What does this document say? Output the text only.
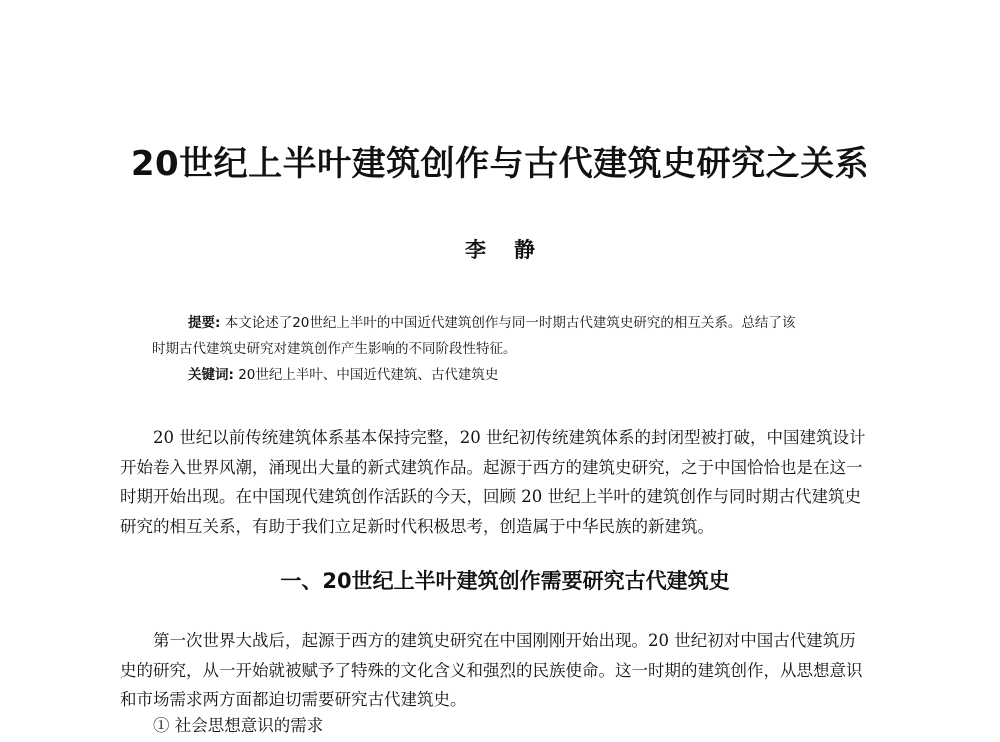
20世纪上半叶建筑创作与古代建筑史研究之关系
李 静
提要: 本文论述了20世纪上半叶的中国近代建筑创作与同一时期古代建筑史研究的相互关系。总结了该
时期古代建筑史研究对建筑创作产生影响的不同阶段性特征。
关键词: 20世纪上半叶、中国近代建筑、古代建筑史
20 世纪以前传统建筑体系基本保持完整，20 世纪初传统建筑体系的封闭型被打破，中国建筑设计
开始卷入世界风潮，涌现出大量的新式建筑作品。起源于西方的建筑史研究，之于中国恰恰也是在这一
时期开始出现。在中国现代建筑创作活跃的今天，回顾 20 世纪上半叶的建筑创作与同时期古代建筑史
研究的相互关系，有助于我们立足新时代积极思考，创造属于中华民族的新建筑。
一、20世纪上半叶建筑创作需要研究古代建筑史
第一次世界大战后，起源于西方的建筑史研究在中国刚刚开始出现。20 世纪初对中国古代建筑历
史的研究，从一开始就被赋予了特殊的文化含义和强烈的民族使命。这一时期的建筑创作，从思想意识
和市场需求两方面都迫切需要研究古代建筑史。
① 社会思想意识的需求
